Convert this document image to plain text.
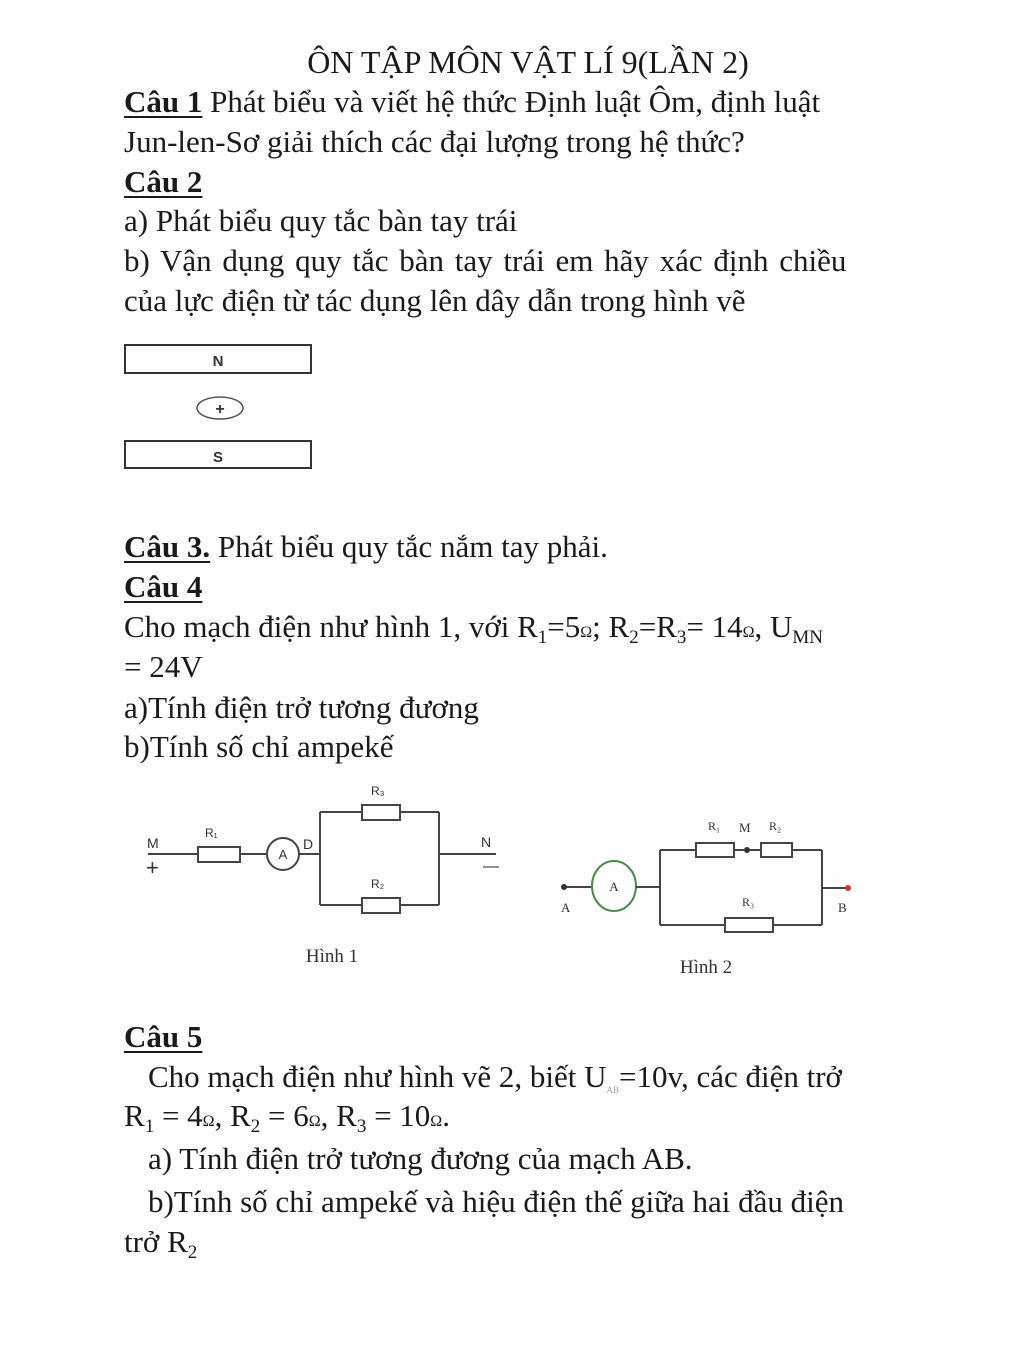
ÔN TẬP MÔN VẬT LÍ 9(LẦN 2)
Câu 1 Phát biểu và viết hệ thức Định luật Ôm, định luật
Jun-len-Sơ giải thích các đại lượng trong hệ thức?
Câu 2
a) Phát biểu quy tắc bàn tay trái
b) Vận dụng quy tắc bàn tay trái em hãy xác định chiều
của lực điện từ tác dụng lên dây dẫn trong hình vẽ
N
+
S
Câu 3. Phát biểu quy tắc nắm tay phải.
Câu 4
Cho mạch điện như hình 1, với $R_1=5\Omega$; $R_2=R_3= 14\Omega$, $U_{MN}$
= 24V
a)Tính điện trở tương đương
b)Tính số chỉ ampekế
M
+
R₁
A
D
R₃
R₂
N
—
Hình 1
A	B
A
R₁ M R₂
R₃
Hình 2
Câu 5
Cho mạch điện như hình vẽ 2, biết $U_{AB}=10v$, các điện trở
$R_1 = 4\Omega$, $R_2 = 6\Omega$, $R_3 = 10\Omega$.
a) Tính điện trở tương đương của mạch AB.
b)Tính số chỉ ampekế và hiệu điện thế giữa hai đầu điện
trở $R_2$
